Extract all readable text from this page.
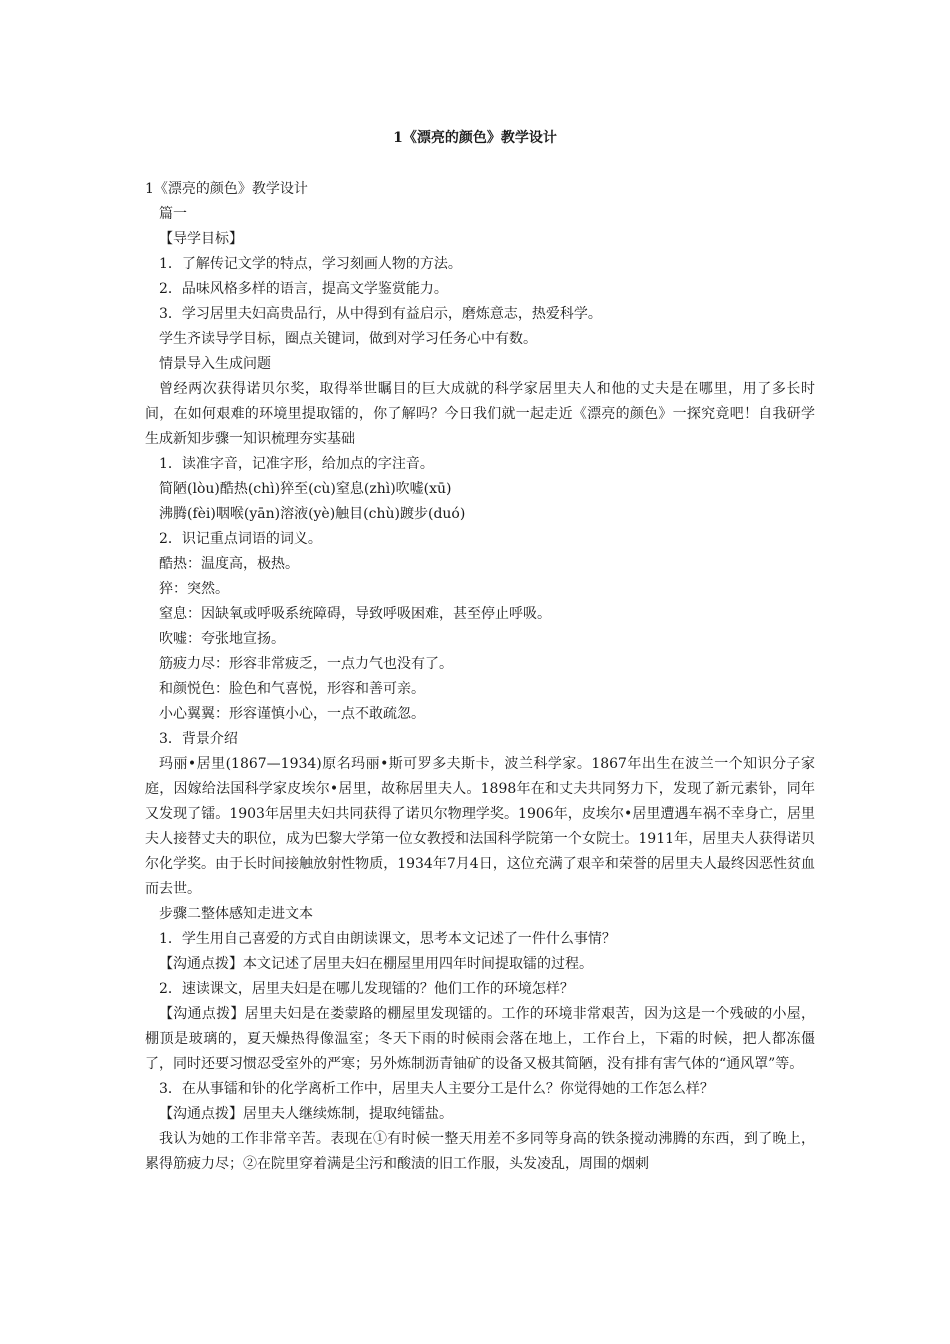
1《漂亮的颜色》教学设计

1《漂亮的颜色》教学设计

篇一

【导学目标】

1．了解传记文学的特点，学习刻画人物的方法。

2．品味风格多样的语言，提高文学鉴赏能力。

3．学习居里夫妇高贵品行，从中得到有益启示，磨炼意志，热爱科学。

学生齐读导学目标，圈点关键词，做到对学习任务心中有数。

情景导入生成问题

曾经两次获得诺贝尔奖，取得举世瞩目的巨大成就的科学家居里夫人和他的丈夫是在哪里，用了多长时间，在如何艰难的环境里提取镭的，你了解吗？今日我们就一起走近《漂亮的颜色》一探究竟吧！自我研学生成新知步骤一知识梳理夯实基础

1．读准字音，记准字形，给加点的字注音。

简陋(lòu)酷热(chì)猝至(cù)窒息(zhì)吹嘘(xū)

沸腾(fèi)咽喉(yān)溶液(yè)触目(chù)踱步(duó)

2．识记重点词语的词义。

酷热：温度高，极热。

猝：突然。

窒息：因缺氧或呼吸系统障碍，导致呼吸困难，甚至停止呼吸。

吹嘘：夸张地宣扬。

筋疲力尽：形容非常疲乏，一点力气也没有了。

和颜悦色：脸色和气喜悦，形容和善可亲。

小心翼翼：形容谨慎小心，一点不敢疏忽。

3．背景介绍

玛丽•居里(1867—1934)原名玛丽•斯可罗多夫斯卡，波兰科学家。1867年出生在波兰一个知识分子家庭，因嫁给法国科学家皮埃尔•居里，故称居里夫人。1898年在和丈夫共同努力下，发现了新元素钋，同年又发现了镭。1903年居里夫妇共同获得了诺贝尔物理学奖。1906年，皮埃尔•居里遭遇车祸不幸身亡，居里夫人接替丈夫的职位，成为巴黎大学第一位女教授和法国科学院第一个女院士。1911年，居里夫人获得诺贝尔化学奖。由于长时间接触放射性物质，1934年7月4日，这位充满了艰辛和荣誉的居里夫人最终因恶性贫血而去世。

步骤二整体感知走进文本

1．学生用自己喜爱的方式自由朗读课文，思考本文记述了一件什么事情？

【沟通点拨】本文记述了居里夫妇在棚屋里用四年时间提取镭的过程。

2．速读课文，居里夫妇是在哪儿发现镭的？他们工作的环境怎样？

【沟通点拨】居里夫妇是在娄蒙路的棚屋里发现镭的。工作的环境非常艰苦，因为这是一个残破的小屋，棚顶是玻璃的，夏天燥热得像温室；冬天下雨的时候雨会落在地上，工作台上，下霜的时候，把人都冻僵了，同时还要习惯忍受室外的严寒；另外炼制沥青铀矿的设备又极其简陋，没有排有害气体的“通风罩”等。

3．在从事镭和钋的化学离析工作中，居里夫人主要分工是什么？你觉得她的工作怎么样？

【沟通点拨】居里夫人继续炼制，提取纯镭盐。

我认为她的工作非常辛苦。表现在①有时候一整天用差不多同等身高的铁条搅动沸腾的东西，到了晚上，累得筋疲力尽；②在院里穿着满是尘污和酸渍的旧工作服，头发凌乱，周围的烟刺
